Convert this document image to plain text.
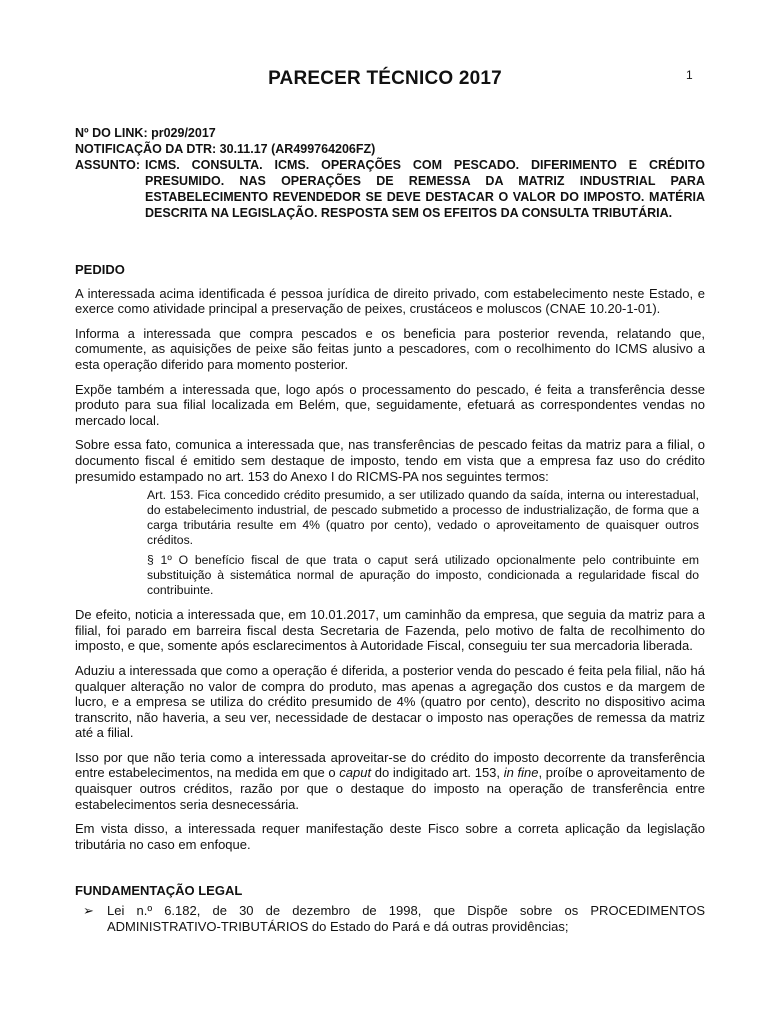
PARECER TÉCNICO 2017	1
Nº DO LINK: pr029/2017
NOTIFICAÇÃO DA DTR: 30.11.17 (AR499764206FZ)
ASSUNTO: ICMS. CONSULTA. ICMS. OPERAÇÕES COM PESCADO. DIFERIMENTO E CRÉDITO PRESUMIDO. NAS OPERAÇÕES DE REMESSA DA MATRIZ INDUSTRIAL PARA ESTABELECIMENTO REVENDEDOR SE DEVE DESTACAR O VALOR DO IMPOSTO. MATÉRIA DESCRITA NA LEGISLAÇÃO. RESPOSTA SEM OS EFEITOS DA CONSULTA TRIBUTÁRIA.
PEDIDO

A interessada acima identificada é pessoa jurídica de direito privado, com estabelecimento neste Estado, e exerce como atividade principal a preservação de peixes, crustáceos e moluscos (CNAE 10.20-1-01).

Informa a interessada que compra pescados e os beneficia para posterior revenda, relatando que, comumente, as aquisições de peixe são feitas junto a pescadores, com o recolhimento do ICMS alusivo a esta operação diferido para momento posterior.

Expõe também a interessada que, logo após o processamento do pescado, é feita a transferência desse produto para sua filial localizada em Belém, que, seguidamente, efetuará as correspondentes vendas no mercado local.

Sobre essa fato, comunica a interessada que, nas transferências de pescado feitas da matriz para a filial, o documento fiscal é emitido sem destaque de imposto, tendo em vista que a empresa faz uso do crédito presumido estampado no art. 153 do Anexo I do RICMS-PA nos seguintes termos:

Art. 153. Fica concedido crédito presumido, a ser utilizado quando da saída, interna ou interestadual, do estabelecimento industrial, de pescado submetido a processo de industrialização, de forma que a carga tributária resulte em 4% (quatro por cento), vedado o aproveitamento de quaisquer outros créditos.

§ 1º O benefício fiscal de que trata o caput será utilizado opcionalmente pelo contribuinte em substituição à sistemática normal de apuração do imposto, condicionada a regularidade fiscal do contribuinte.

De efeito, noticia a interessada que, em 10.01.2017, um caminhão da empresa, que seguia da matriz para a filial, foi parado em barreira fiscal desta Secretaria de Fazenda, pelo motivo de falta de recolhimento do imposto, e que, somente após esclarecimentos à Autoridade Fiscal, conseguiu ter sua mercadoria liberada.

Aduziu a interessada que como a operação é diferida, a posterior venda do pescado é feita pela filial, não há qualquer alteração no valor de compra do produto, mas apenas a agregação dos custos e da margem de lucro, e a empresa se utiliza do crédito presumido de 4% (quatro por cento), descrito no dispositivo acima transcrito, não haveria, a seu ver, necessidade de destacar o imposto nas operações de remessa da matriz até a filial.

Isso por que não teria como a interessada aproveitar-se do crédito do imposto decorrente da transferência entre estabelecimentos, na medida em que o caput do indigitado art. 153, in fine, proíbe o aproveitamento de quaisquer outros créditos, razão por que o destaque do imposto na operação de transferência entre estabelecimentos seria desnecessária.

Em vista disso, a interessada requer manifestação deste Fisco sobre a correta aplicação da legislação tributária no caso em enfoque.

FUNDAMENTAÇÃO LEGAL
➢	Lei n.º 6.182, de 30 de dezembro de 1998, que Dispõe sobre os PROCEDIMENTOS ADMINISTRATIVO-TRIBUTÁRIOS do Estado do Pará e dá outras providências;
